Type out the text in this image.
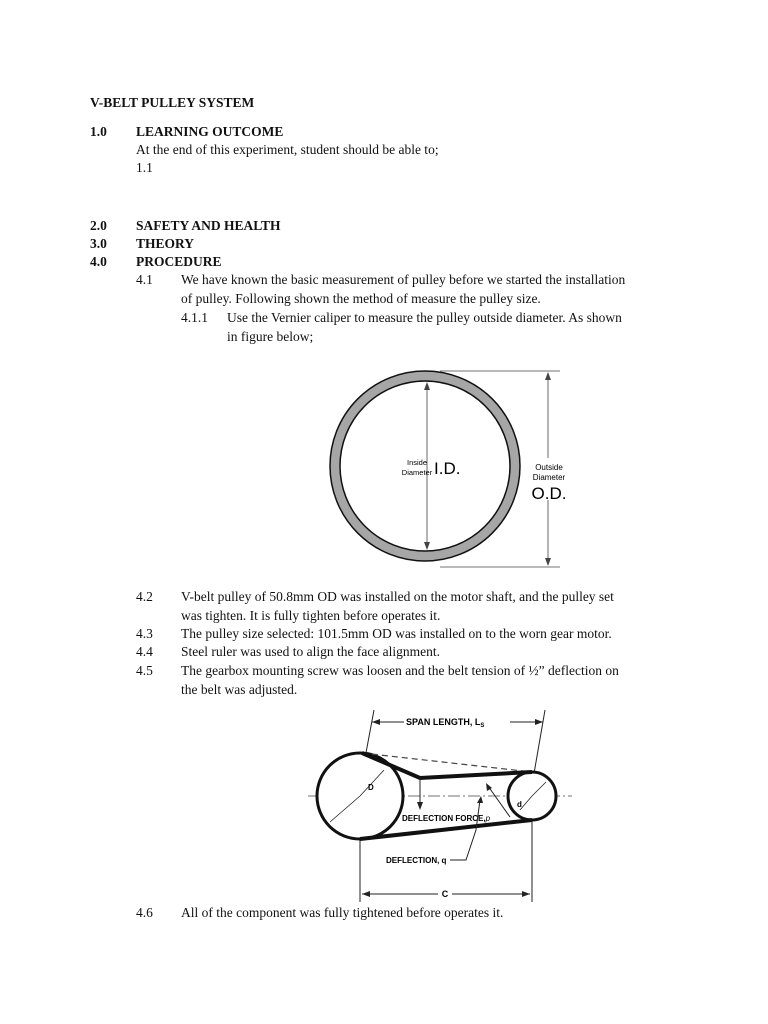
V-BELT PULLEY SYSTEM
1.0 LEARNING OUTCOME
At the end of this experiment, student should be able to;
1.1
2.0 SAFETY AND HEALTH
3.0 THEORY
4.0 PROCEDURE
4.1 We have known the basic measurement of pulley before we started the installation
of pulley. Following shown the method of measure the pulley size.
4.1.1 Use the Vernier caliper to measure the pulley outside diameter. As shown
in figure below;
Inside
Diameter I.D.	Outside
Diameter
O.D.
4.2 V-belt pulley of 50.8mm OD was installed on the motor shaft, and the pulley set
was tighten. It is fully tighten before operates it.
4.3 The pulley size selected: 101.5mm OD was installed on to the worn gear motor.
4.4 Steel ruler was used to align the face alignment.
4.5 The gearbox mounting screw was loosen and the belt tension of ½” deflection on
the belt was adjusted.
SPAN LENGTH, $L_S$
D
d
DEFLECTION FORCE,p
DEFLECTION, q
C
4.6 All of the component was fully tightened before operates it.
